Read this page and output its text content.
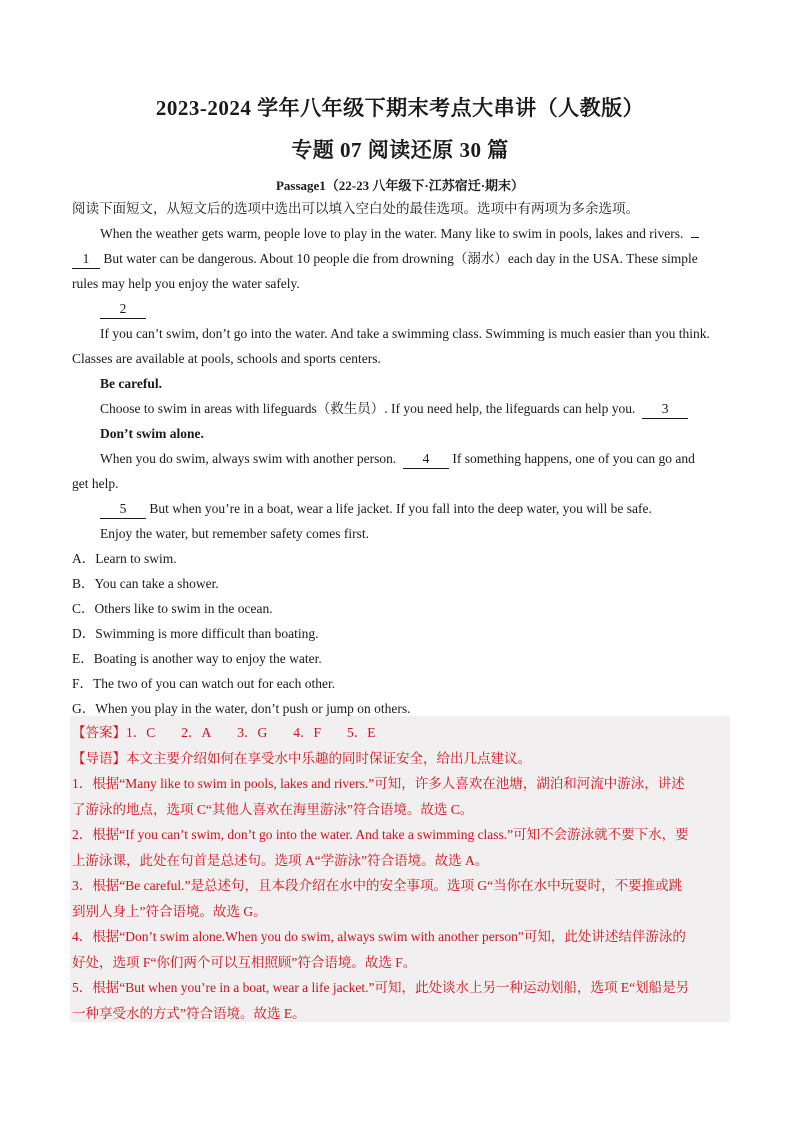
2023-2024 学年八年级下期末考点大串讲（人教版）
专题 07 阅读还原 30 篇
Passage1（22-23 八年级下·江苏宿迁·期末）
阅读下面短文，从短文后的选项中选出可以填入空白处的最佳选项。选项中有两项为多余选项。
When the weather gets warm, people love to play in the water. Many like to swim in pools, lakes and rivers.
1 But water can be dangerous. About 10 people die from drowning（溺水）each day in the USA. These simple
rules may help you enjoy the water safely.
2
If you can’t swim, don’t go into the water. And take a swimming class. Swimming is much easier than you think.
Classes are available at pools, schools and sports centers.
Be careful.
Choose to swim in areas with lifeguards（救生员）. If you need help, the lifeguards can help you. 3
Don’t swim alone.
When you do swim, always swim with another person. 4 If something happens, one of you can go and
get help.
5 But when you’re in a boat, wear a life jacket. If you fall into the deep water, you will be safe.
Enjoy the water, but remember safety comes first.
A．Learn to swim.
B．You can take a shower.
C．Others like to swim in the ocean.
D．Swimming is more difficult than boating.
E．Boating is another way to enjoy the water.
F．The two of you can watch out for each other.
G．When you play in the water, don’t push or jump on others.
【答案】1．C 2．A 3．G 4．F 5．E
【导语】本文主要介绍如何在享受水中乐趣的同时保证安全，给出几点建议。
1．根据“Many like to swim in pools, lakes and rivers.”可知，许多人喜欢在池塘，湖泊和河流中游泳，讲述
了游泳的地点，选项 C“其他人喜欢在海里游泳”符合语境。故选 C。
2．根据“If you can’t swim, don’t go into the water. And take a swimming class.”可知不会游泳就不要下水，要
上游泳课，此处在句首是总述句。选项 A“学游泳”符合语境。故选 A。
3．根据“Be careful.”是总述句，且本段介绍在水中的安全事项。选项 G“当你在水中玩耍时，不要推或跳
到别人身上”符合语境。故选 G。
4．根据“Don’t swim alone.When you do swim, always swim with another person”可知，此处讲述结伴游泳的
好处，选项 F“你们两个可以互相照顾”符合语境。故选 F。
5．根据“But when you’re in a boat, wear a life jacket.”可知，此处谈水上另一种运动划船，选项 E“划船是另
一种享受水的方式”符合语境。故选 E。
